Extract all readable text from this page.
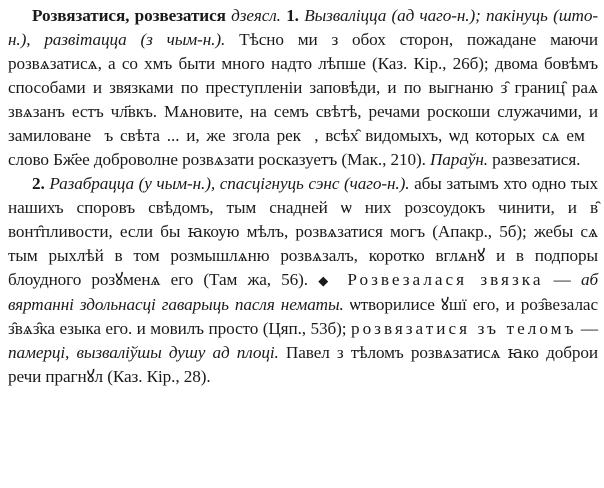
Розвязатися, розвезатися дзеясл. 1. Вызваліцца (ад чаго-н.); пакінуць (што-н.), развітацца (з чым-н.). Тѣсно ми з обох сторон, пожадане маючи розвѧзатисѧ, а со хмъ быти много надто лѣпше (Каз. Кір., 26б); двома бовѣмъ способами и звязками по преступленіи заповѣди, и по выгнаню з̑ границ̑ раѧ звѧзанъ естъ чл҃вкъ. Мѧновите, на семъ свѣтѣ, речами роскоши служачими, и замилованеⷨъ свѣта ... и, же згола рекꙋ, всѣх̑ видомыхъ, ѡд которых сѧ емꙋ слово Бж҃ее доброволне розвѧзати росказуетъ (Мак., 210). Параўн. развезатися.

2. Разабрацца (у чым-н.), спасцігнуць сэнс (чаго-н.). абы затымъ хто одно тых нашихъ споровъ свѣдомъ, тым снадней ѡ них розсоудокъ чинити, и в̑ вонт̑пливости, если бы ꙗкоую мѣлъ, розвѧзатися могъ (Апакр., 5б); жебы сѧ тым рыхлѣй в том розмышлѧню розвѧзалъ, коротко вглѧнꙋ и в подпоры блоудного розꙋменѧ его (Там жа, 56). ◆ Розвезалася звязка — аб вяртанні здольнасці гаварыць пасля нематы. ѡтворилисе ꙋшї его, и роз̑везалас з̑вѧз̑ка езыка его. и мовилъ просто (Цяп., 53б); розвязатися зъ теломъ — памерці, вызваліўшы душу ад плоці. Павел з тѣломъ розвѧзатисѧ ꙗко доброи речи прагнꙋл (Каз. Кір., 28).
